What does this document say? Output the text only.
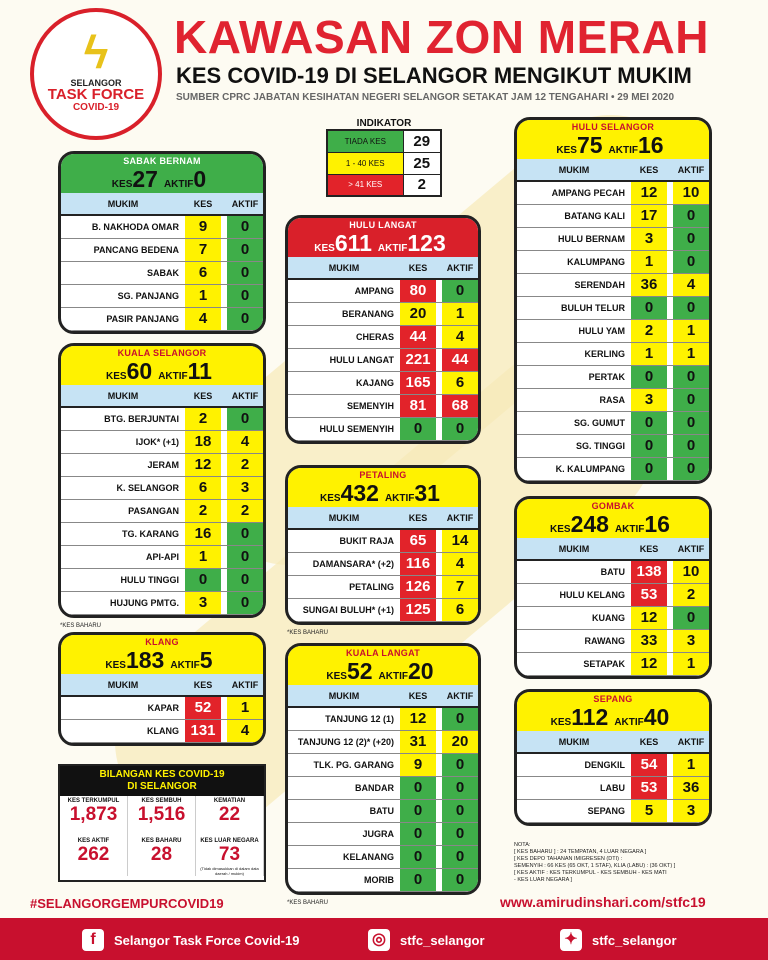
ϟ
SELANGOR
TASK FORCE
COVID-19
KAWASAN ZON MERAH
KES COVID-19 DI SELANGOR MENGIKUT MUKIM
SUMBER CPRC JABATAN KESIHATAN NEGERI SELANGOR SETAKAT JAM 12 TENGAHARI • 29 MEI 2020
INDIKATOR
TIADA KES	29
1 - 40 KES	25
> 41 KES	2
SABAK BERNAM
KES27 AKTIF0
MUKIM	KES		AKTIF
B. NAKHODA OMAR	9		0
PANCANG BEDENA	7		0
SABAK	6		0
SG. PANJANG	1		0
PASIR PANJANG	4		0
KUALA SELANGOR
KES60 AKTIF11
MUKIM	KES		AKTIF
BTG. BERJUNTAI	2		0
IJOK* (+1)	18		4
JERAM	12		2
K. SELANGOR	6		3
PASANGAN	2		2
TG. KARANG	16		0
API-API	1		0
HULU TINGGI	0		0
HUJUNG PMTG.	3		0
*KES BAHARU
KLANG
KES183 AKTIF5
MUKIM	KES		AKTIF
KAPAR	52		1
KLANG	131		4
HULU LANGAT
KES611 AKTIF123
MUKIM	KES		AKTIF
AMPANG	80		0
BERANANG	20		1
CHERAS	44		4
HULU LANGAT	221		44
KAJANG	165		6
SEMENYIH	81		68
HULU SEMENYIH	0		0
PETALING
KES432 AKTIF31
MUKIM	KES		AKTIF
BUKIT RAJA	65		14
DAMANSARA* (+2)	116		4
PETALING	126		7
SUNGAI BULUH* (+1)	125		6
*KES BAHARU
KUALA LANGAT
KES52 AKTIF20
MUKIM	KES		AKTIF
TANJUNG 12 (1)	12		0
TANJUNG 12 (2)* (+20)	31		20
TLK. PG. GARANG	9		0
BANDAR	0		0
BATU	0		0
JUGRA	0		0
KELANANG	0		0
MORIB	0		0
*KES BAHARU
HULU SELANGOR
KES75 AKTIF16
MUKIM	KES		AKTIF
AMPANG PECAH	12		10
BATANG KALI	17		0
HULU BERNAM	3		0
KALUMPANG	1		0
SERENDAH	36		4
BULUH TELUR	0		0
HULU YAM	2		1
KERLING	1		1
PERTAK	0		0
RASA	3		0
SG. GUMUT	0		0
SG. TINGGI	0		0
K. KALUMPANG	0		0
GOMBAK
KES248 AKTIF16
MUKIM	KES		AKTIF
BATU	138		10
HULU KELANG	53		2
KUANG	12		0
RAWANG	33		3
SETAPAK	12		1
SEPANG
KES112 AKTIF40
MUKIM	KES		AKTIF
DENGKIL	54		1
LABU	53		36
SEPANG	5		3
BILANGAN KES COVID-19
DI SELANGOR
KES TERKUMPUL
1,873
KES SEMBUH
1,516
KEMATIAN
22
KES AKTIF
262
KES BAHARU
28
KES LUAR NEGARA
73
(Tidak dimasukkan di dalam data daerah / mukim)
NOTA:
[ KES BAHARU ] : 24 TEMPATAN, 4 LUAR NEGARA ]
[ KES DEPO TAHANAN IMIGRESEN (DTI) :
SEMENYIH : 66 KES (65 OKT, 1 STAF), KLIA (LABU) : (36 OKT) ]
[ KES AKTIF : KES TERKUMPUL - KES SEMBUH - KES MATI
- KES LUAR NEGARA ]
#SELANGORGEMPURCOVID19	www.amirudinshari.com/stfc19
f	Selangor Task Force Covid-19	◎	stfc_selangor	✦	stfc_selangor
